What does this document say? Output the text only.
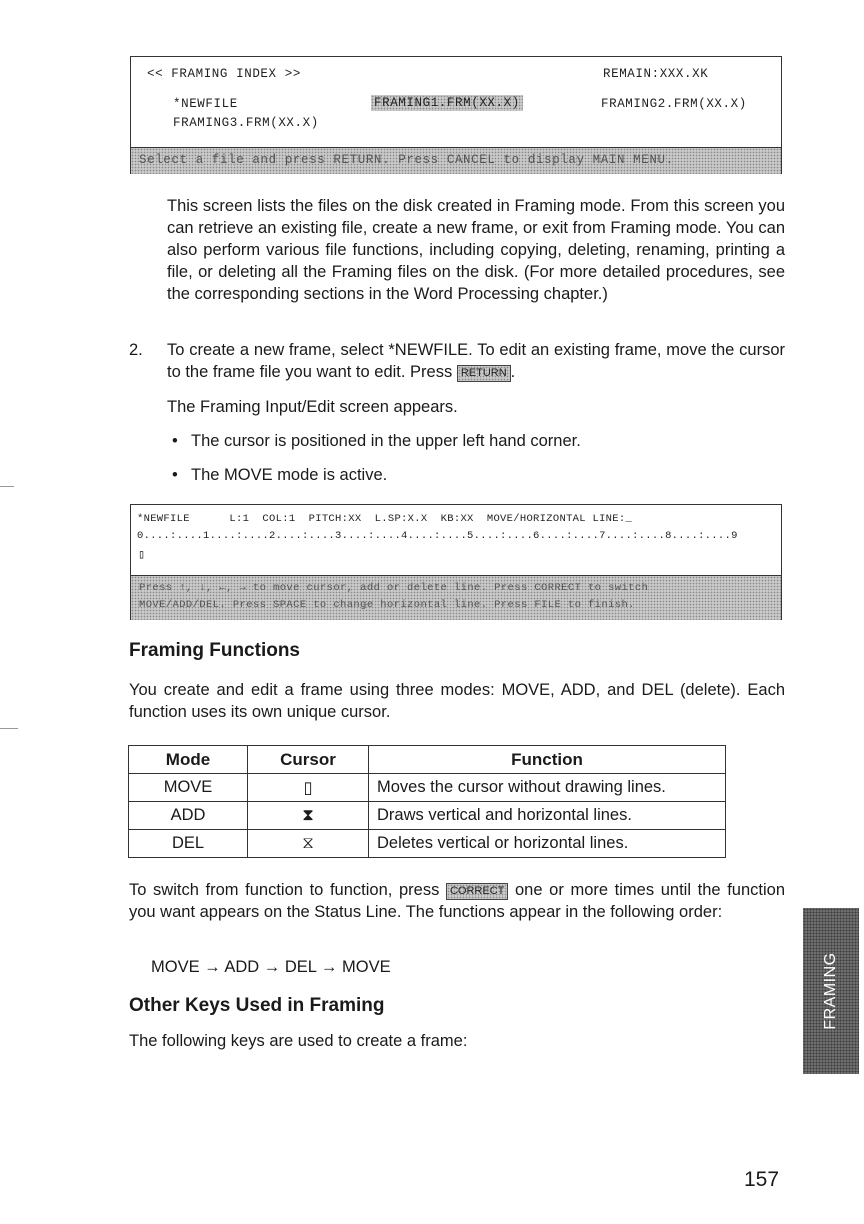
<< FRAMING INDEX >>	REMAIN:XXX.XK
*NEWFILE	FRAMING1.FRM(XX.X)	FRAMING2.FRM(XX.X)
FRAMING3.FRM(XX.X)
Select a file and press RETURN. Press CANCEL to display MAIN MENU.
This screen lists the files on the disk created in Framing mode. From this screen you can retrieve an existing file, create a new frame, or exit from Framing mode. You can also perform various file functions, including copying, deleting, renaming, printing a file, or deleting all the Framing files on the disk. (For more detailed procedures, see the corresponding sections in the Word Processing chapter.)
2. To create a new frame, select *NEWFILE. To edit an existing frame, move the cursor to the frame file you want to edit. Press RETURN .
The Framing Input/Edit screen appears.
• The cursor is positioned in the upper left hand corner.
• The MOVE mode is active.
*NEWFILE      L:1  COL:1  PITCH:XX  L.SP:X.X  KB:XX  MOVE/HORIZONTAL LINE:_
0....:....1....:....2....:....3....:....4....:....5....:....6....:....7....:....8....:....9
▯
Press ↑, ↓, ←, → to move cursor, add or delete line. Press CORRECT to switch
MOVE/ADD/DEL. Press SPACE to change horizontal line. Press FILE to finish.
Framing Functions
You create and edit a frame using three modes: MOVE, ADD, and DEL (delete). Each function uses its own unique cursor.
Mode	Cursor	Function
MOVE	▯	Moves the cursor without drawing lines.
ADD	⧗	Draws vertical and horizontal lines.
DEL	⧖	Deletes vertical or horizontal lines.
To switch from function to function, press CORRECT one or more times until the function you want appears on the Status Line. The functions appear in the following order:
MOVE → ADD → DEL → MOVE
Other Keys Used in Framing
The following keys are used to create a frame:
FRAMING
157
